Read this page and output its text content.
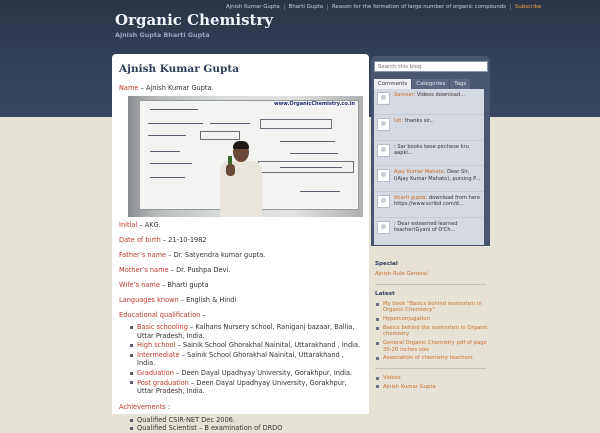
Ajnish Kumar Gupta	Bharti Gupta	Reason for the formation of large number of organic compounds	Subscribe
Organic Chemistry
Ajnish Gupta Bharti Gupta
Ajnish Kumar Gupta
Name – Ajnish Kumar Gupta.
www.OrganicChemistry.co.in
Initial – AKG.
Date of birth – 21-10-1982
Father’s name – Dr. Satyendra kumar gupta.
Mother’s name – Dr. Pushpa Devi.
Wife’s name – Bharti gupta
Languages known – English & Hindi
Educational qualification –
Basic schooling – Kalhans Nursery school, Raniganj bazaar, Ballia, Uttar Pradesh, India.
High school – Sainik School Ghorakhal Nainital, Uttarakhand , India.
Intermediate – Sainik School Ghorakhal Nainital, Uttarakhand , India.
Graduation – Deen Dayal Upadhyay University, Gorakhpur, India.
Post graduation – Deen Dayal Upadhyay University, Gorakhpur, Uttar Pradesh, India.
Achievements :
Qualified CSIR-NET Dec 2006.
Qualified Scientist – B examination of DRDO
Search this blog
Comments	Categories	Tags
Sameer: Videos download...
Isti: thanks sir...
: Sar books kese pirchese kru aapki...
Ajay Kumar Mahato: Dear Sir, I(Ajay Kumar Mahato), pursing P...
bharti gupta: download from here https://www.scribd.com/d...
: Dear esteemed learned teacher(Gyani of O'Ch...
Special
Ajnish Rule General
Latest
My book "Basics behind isomerism in Organic Chemistry"
Hyperconjugation
Basics behind the isomerism in Organic chemistry
General Organic Chemistry pdf of page 30-20 inches size
Association of chemistry teachers
Videos
Ajnish Kumar Gupta
